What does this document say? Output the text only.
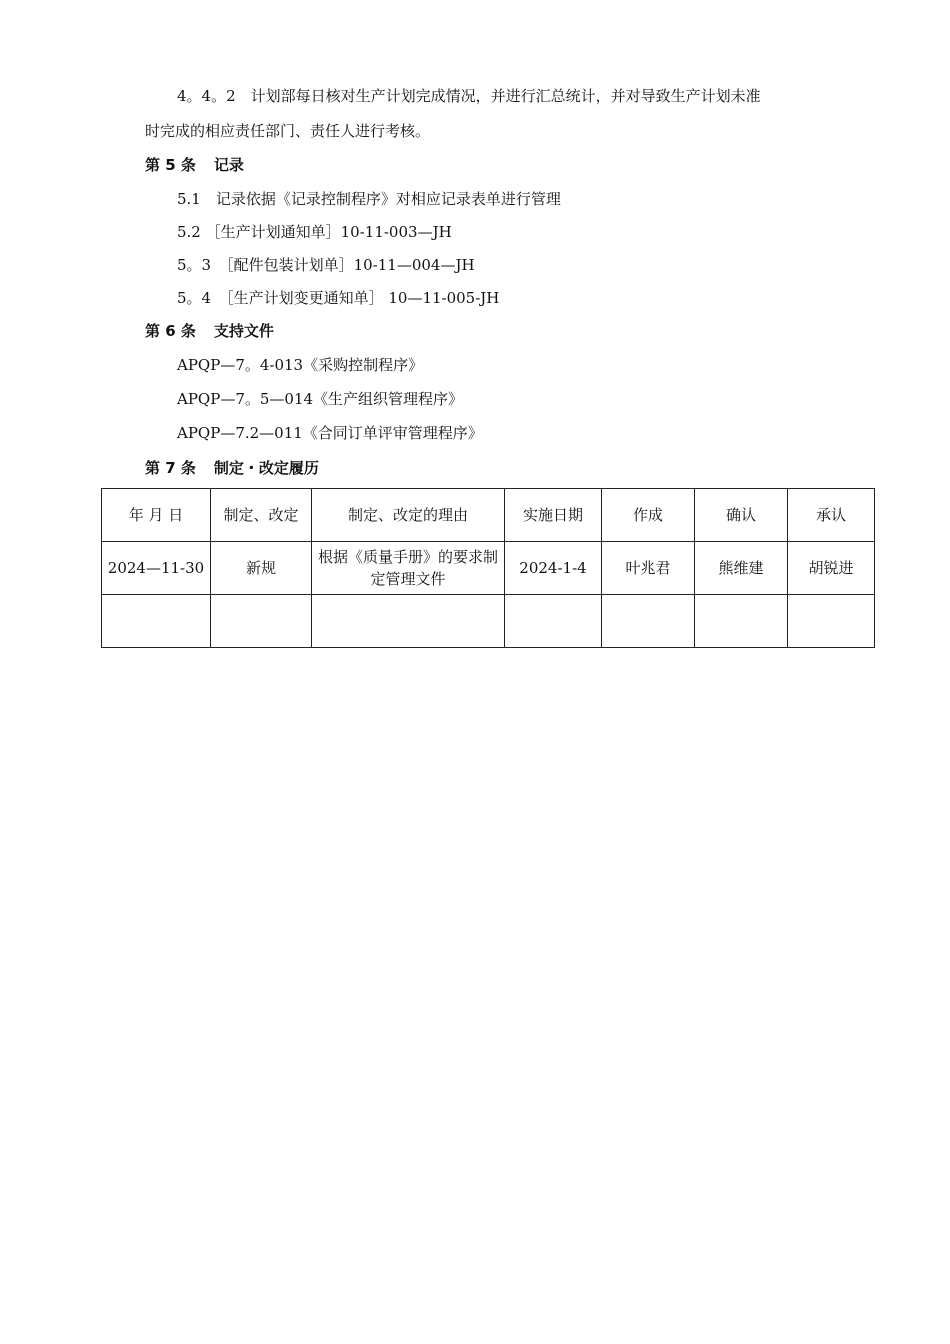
4。4。2　计划部每日核对生产计划完成情况，并进行汇总统计，并对导致生产计划未准
时完成的相应责任部门、责任人进行考核。
第 5 条 记录
5.1　记录依据《记录控制程序》对相应记录表单进行管理
5.2 ［生产计划通知单］10-11-003—JH
5。3　［配件包装计划单］10-11—004—JH
5。4　［生产计划变更通知单］ 10—11-005-JH
第 6 条 支持文件
APQP—7。4-013《采购控制程序》
APQP—7。5—014《生产组织管理程序》
APQP—7.2—011《合同订单评审管理程序》
第 7 条 制定・改定履历
年 月 日	制定、改定	制定、改定的理由	实施日期	作成	确认	承认
2024—11-30	新规	根据《质量手册》的要求制定管理文件	2024-1-4	叶兆君	熊维建	胡锐进
